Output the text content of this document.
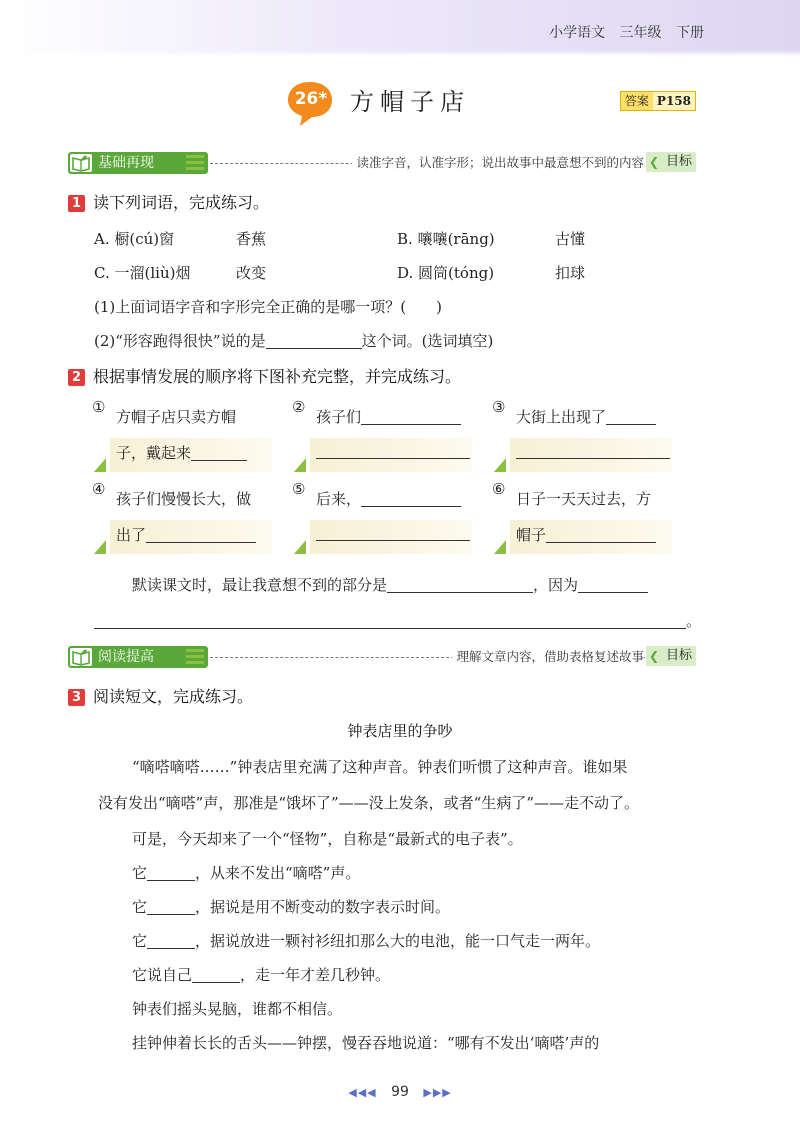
小学语文 三年级 下册
26* 方帽子店	答案 P158
基础再现	读准字音，认准字形；说出故事中最意想不到的内容 ❮ 目标
1 读下列词语，完成练习。
A. 橱(cú)窗	香蕉	B. 嚷嚷(rāng)	古懂
C. 一溜(liù)烟	改变	D. 圆筒(tóng)	扣球
(1)上面词语字音和字形完全正确的是哪一项？(　　)
(2)“形容跑得很快”说的是	这个词。(选词填空)
2 根据事情发展的顺序将下图补充完整，并完成练习。
①
方帽子店只卖方帽
子，戴起来
②
孩子们
③
大街上出现了
④
孩子们慢慢长大，做
出了
⑤
后来，
⑥
日子一天天过去，方
帽子
默读课文时，最让我意想不到的部分是	，因为
。
阅读提高	理解文章内容，借助表格复述故事 ❮ 目标
3 阅读短文，完成练习。
钟表店里的争吵
“嘀嗒嘀嗒……”钟表店里充满了这种声音。钟表们听惯了这种声音。谁如果
没有发出“嘀嗒”声，那准是“饿坏了”——没上发条，或者“生病了”——走不动了。
可是，今天却来了一个“怪物”，自称是“最新式的电子表”。
它	，从来不发出“嘀嗒”声。
它	，据说是用不断变动的数字表示时间。
它	，据说放进一颗衬衫纽扣那么大的电池，能一口气走一两年。
它说自己	，走一年才差几秒钟。
钟表们摇头晃脑，谁都不相信。
挂钟伸着长长的舌头——钟摆，慢吞吞地说道：“哪有不发出‘嘀嗒’声的
◀◀◀ 99 ▶▶▶
